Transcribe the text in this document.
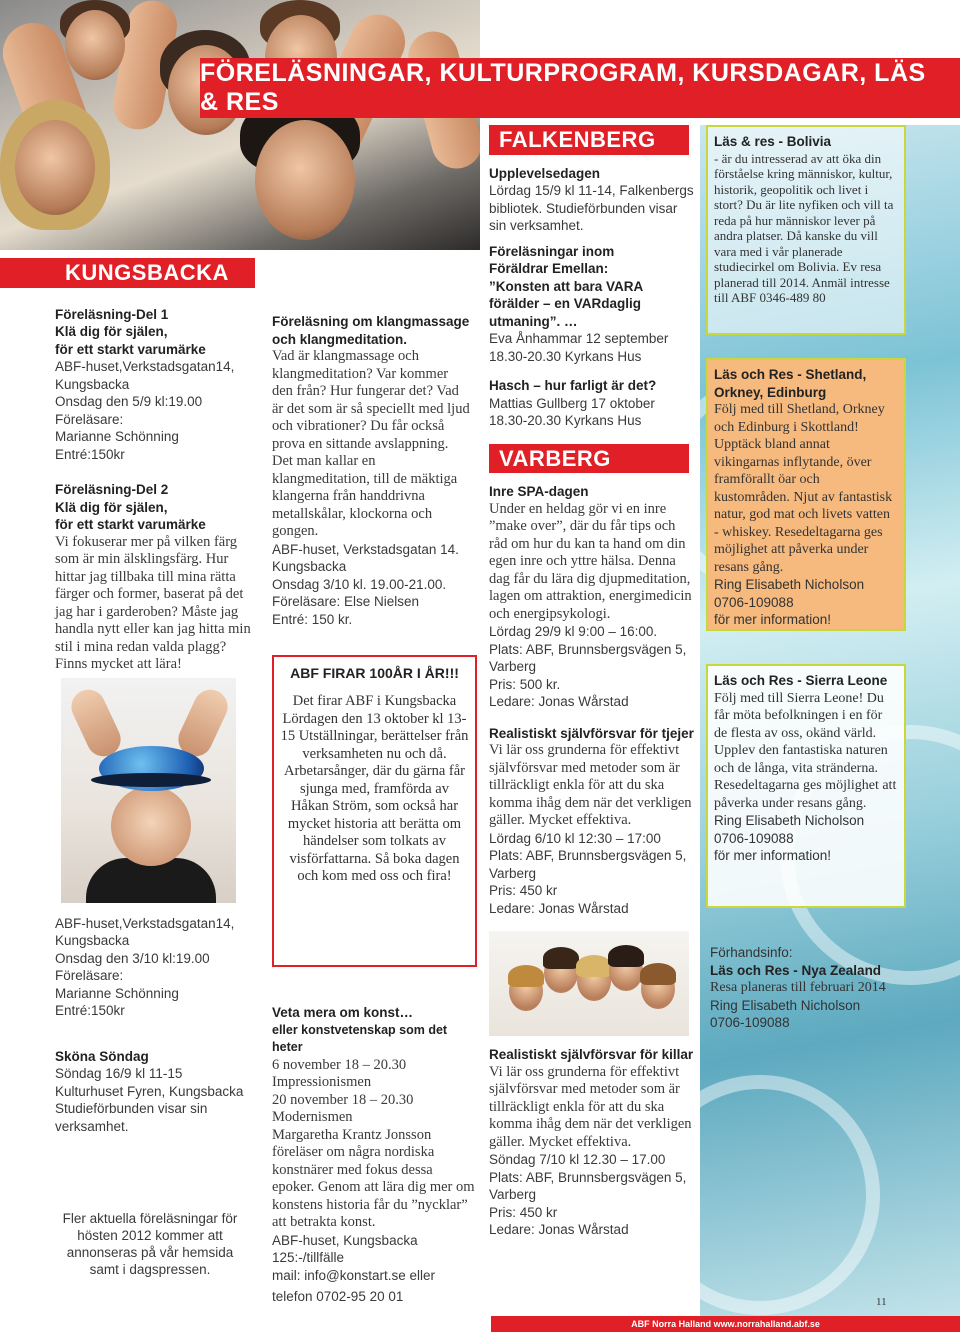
FÖRELÄSNINGAR, KULTURPROGRAM, KURSDAGAR, LÄS & RES
KUNGSBACKA
Föreläsning-Del 1
Klä dig för själen,
för ett starkt varumärke
ABF-huset,Verkstadsgatan14, Kungsbacka
Onsdag den 5/9 kl:19.00
Föreläsare:
Marianne Schönning
Entré:150kr
Föreläsning-Del 2
Klä dig för själen,
för ett starkt varumärke
Vi fokuserar mer på vilken färg som är min älsklingsfärg. Hur hittar jag tillbaka till mina rätta färger och former, baserat på det jag har i garderoben? Måste jag handla nytt eller kan jag hitta min stil i mina redan valda plagg? Finns mycket att lära!
ABF-huset,Verkstadsgatan14, Kungsbacka
Onsdag den 3/10 kl:19.00
Föreläsare:
Marianne Schönning
Entré:150kr
Sköna Söndag
Söndag 16/9 kl 11-15
Kulturhuset Fyren, Kungsbacka
Studieförbunden visar sin verksamhet.
Fler aktuella föreläsningar för hösten 2012 kommer att annonseras på vår hemsida samt i dagspressen.
Föreläsning om klangmassage och klangmeditation.
Vad är klangmassage och klangmeditation? Var kommer den från? Hur fungerar det? Vad är det som är så speciellt med ljud och vibrationer? Du får också prova en sittande avslappning. Det man kallar en klangmeditation, till de mäktiga klangerna från handdrivna metallskålar, klockorna och gongen.
ABF-huset, Verkstadsgatan 14. Kungsbacka
Onsdag 3/10 kl. 19.00-21.00.
Föreläsare: Else Nielsen
Entré: 150 kr.
ABF FIRAR 100ÅR I ÅR!!!
Det firar ABF i Kungsbacka Lördagen den 13 oktober kl 13-15 Utställningar, berättelser från verksamheten nu och då. Arbetarsånger, där du gärna får sjunga med, framförda av Håkan Ström, som också har mycket historia att berätta om händelser som tolkats av visförfattarna. Så boka dagen och kom med oss och fira!
Veta mera om konst…
eller konstvetenskap som det heter
6 november 18 – 20.30
Impressionismen
20 november 18 – 20.30
Modernismen
Margaretha Krantz Jonsson föreläser om några nordiska konstnärer med fokus dessa epoker. Genom att lära dig mer om konstens historia får du ”nycklar” att betrakta konst.
ABF-huset, Kungsbacka
125:-/tillfälle
mail: info@konstart.se eller
telefon 0702-95 20 01
FALKENBERG
Upplevelsedagen
Lördag 15/9 kl 11-14, Falkenbergs bibliotek. Studieförbunden visar sin verksamhet.
Föreläsningar inom
Föräldrar Emellan:
”Konsten att bara VARA förälder – en VARdaglig utmaning”. …
Eva Ånhammar 12 september
18.30-20.30 Kyrkans Hus
Hasch – hur farligt är det?
Mattias Gullberg 17 oktober
18.30-20.30 Kyrkans Hus
VARBERG
Inre SPA-dagen
Under en heldag gör vi en inre ”make over”, där du får tips och råd om hur du kan ta hand om din egen inre och yttre hälsa. Denna dag får du lära dig djupmeditation, lagen om attraktion, energimedicin och energipsykologi.
Lördag 29/9 kl 9:00 – 16:00.
Plats: ABF, Brunnsbergsvägen 5, Varberg
Pris: 500 kr.
Ledare: Jonas Wårstad
Realistiskt självförsvar för tjejer
Vi lär oss grunderna för effektivt självförsvar med metoder som är tillräckligt enkla för att du ska komma ihåg dem när det verkligen gäller. Mycket effektiva.
Lördag 6/10 kl 12:30 – 17:00
Plats: ABF, Brunnsbergsvägen 5, Varberg
Pris: 450 kr
Ledare: Jonas Wårstad
Realistiskt självförsvar för killar
Vi lär oss grunderna för effektivt självförsvar med metoder som är tillräckligt enkla för att du ska komma ihåg dem när det verkligen gäller. Mycket effektiva.
Söndag 7/10 kl 12.30 – 17.00
Plats: ABF, Brunnsbergsvägen 5, Varberg
Pris: 450 kr
Ledare: Jonas Wårstad
Läs & res - Bolivia
- är du intresserad av att öka din förståelse kring människor, kultur, historik, geopolitik och livet i stort? Du är lite nyfiken och vill ta reda på hur människor lever på andra platser. Då kanske du vill vara med i vår planerade studiecirkel om Bolivia. Ev resa planerad till 2014. Anmäl intresse till ABF 0346-489 80
Läs och Res - Shetland, Orkney, Edinburg
Följ med till Shetland, Orkney och Edinburg i Skottland! Upptäck bland annat vikingarnas inflytande, över framförallt öar och kustområden. Njut av fantastisk natur, god mat och livets vatten - whiskey. Resedeltagarna ges möjlighet att påverka under resans gång.
Ring Elisabeth Nicholson
0706-109088
för mer information!
Läs och Res - Sierra Leone
Följ med till Sierra Leone! Du får möta befolkningen i en för de flesta av oss, okänd värld. Upplev den fantastiska naturen och de långa, vita stränderna. Resedeltagarna ges möjlighet att påverka under resans gång.
Ring Elisabeth Nicholson
0706-109088
för mer information!
Förhandsinfo:
Läs och Res - Nya Zealand
Resa planeras till februari 2014
Ring Elisabeth Nicholson
0706-109088
11
ABF Norra Halland www.norrahalland.abf.se
